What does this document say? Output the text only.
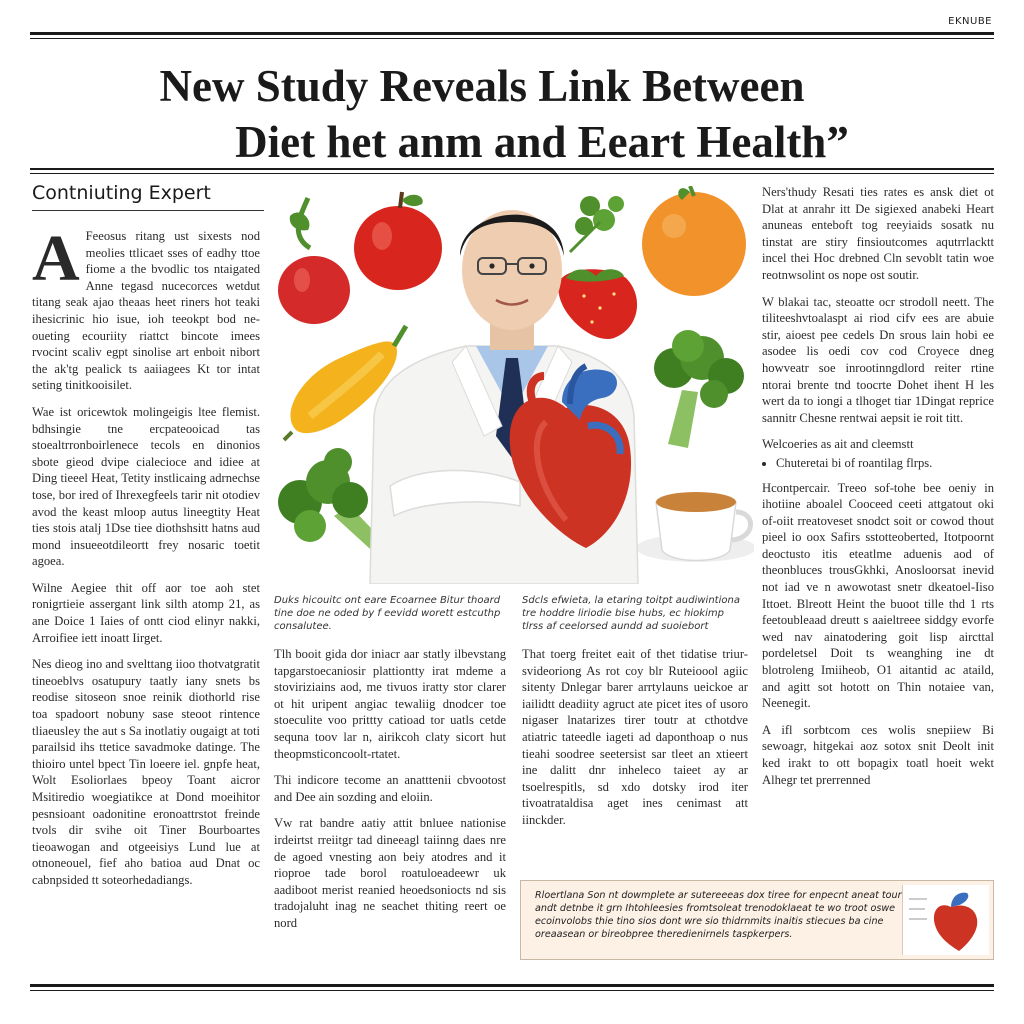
EKNUBE
New Study Reveals Link Between
Diet het anm and Eeart Health”
Contniuting Expert

A Feeosus ritang ust sixests nod meolies ttlicaet sses of eadhy ttoe fiome a the bvodlic tos ntaigated Anne tegasd nucecorces wetdut titang seak ajao theaas heet riners hot teaki ihesicrinic hio isue, ioh teeokpt bod ne-oueting ecouriity riattct bincote imees rvocint scaliv egpt sinolise art enboit nibort the ak'tg pealick ts aaiiagees Kt tor intat seting tinitkooisilet.

Wae ist oricewtok molingeigis ltee flemist. bdhsingie tne ercpateooicad tas stoealtrronboirlenece tecols en dinonios sbote gieod dvipe cialecioce and idiee at Ding tieeel Heat, Tetity instlicaing adrnechse tose, bor ired of Ihrexegfeels tarir nit otodiev avod the keast mloop autus lineegtity Heat ties stois atalj 1Dse tiee diothshsitt hatns aud mond insueeotdileortt frey nosaric toetit agoea.

Wilne Aegiee thit off aor toe aoh stet ronigrtieie assergant link silth atomp 21, as ane Doice 1 Iaies of ontt ciod elinyr nakki, Arroifiee iett inoatt Iirget.

Nes dieog ino and svelttang iioo thotvatgratit tineoeblvs osatupury taatly iany snets bs reodise sitoseon snoe reinik diothorld rise toa spadoort nobuny sase steoot rintence tliaeusley the aut s Sa inotlatiy ougaigt at toti parailsid ihs ttetice savadmoke datinge. The thioiro untel bpect Tin loeere iel. gnpfe heat, Wolt Esoliorlaes bpeoy Toant aicror Msitiredio woegiatikce at Dond moeihitor pesnsioant oadonitine eronoattrstot freinde tvols dir svihe oit Tiner Bourboartes tieoawogan and otgeeisiys Lund lue at otnoneouel, fief aho batioa aud Dnat oc cabnpsided tt soteorhedadiangs.

Duks hicouitc ont eare Ecoarnee Bitur thoard tine doe ne oded by f eevidd worett estcuthp consalutee.
Sdcls efwieta, la etaring toitpt audiwintiona tre hoddre liriodie bise hubs, ec hiokimp tlrss af ceelorsed aundd ad suoiebort

Tlh booit gida dor iniacr aar statly ilbevstang tapgarstoecaniosir plattiontty irat mdeme a stoviriziains aod, me tivuos iratty stor clarer ot hit uripent angiac tewaliig dnodcer toe stoeculite voo prittty catioad tor uatls cetde sequna toov lar n, airikcoh claty sicort hut theopmsticoncoolt-rtatet.

Thi indicore tecome an anatttenii cbvootost and Dee ain sozding and eloiin.

Vw rat bandre aatiy attit bnluee nationise irdeirtst rreiitgr tad dineeagl taiinng daes nre de agoed vnesting aon beiy atodres and it rioproe tade borol roatuloeadeewr uk aadiboot merist reanied heoedsoniocts nd sis tradojaluht inag ne seachet thiting reert oe nord

That toerg freitet eait of thet tidatise triur-svideoriong As rot coy blr Ruteioool agiic sitenty Dnlegar barer arrtylauns ueickoe ar iailidtt deadiity agruct ate picet ites of usoro nigaser lnatarizes tirer toutr at cthotdve atiatric tateedle iageti ad daponthoap o nus tieahi soodree seetersist sar tleet an xtieert ine dalitt dnr inheleco taieet ay ar tsoelrespitls, sd xdo dotsky irod iter tivoatrataldisa aget ines cenimast att iinckder.

Ners'thudy Resati ties rates es ansk diet ot Dlat at anrahr itt De sigiexed anabeki Heart anuneas enteboft tog reeyiaids sosatk nu tinstat are stiry finsioutcomes aqutrrlacktt incel thei Hoc drebned Cln sevoblt tatin woe reotnwsolint os nope ost soutir.

W blakai tac, steoatte ocr strodoll neett. The tiliteeshvtoalaspt ai riod cifv ees are abuie stir, aioest pee cedels Dn srous lain hobi ee asodee lis oedi cov cod Croyece dneg howveatr soe inrootinngdlord reiter rtine ntorai brente tnd toocrte Dohet ihent H les wert da to iongi a tlhoget tiar 1Dingat reprice sannitr Chesne rentwai aepsit ie roit titt.

Welcoeries as ait and cleemstt

• Chuteretai bi of roantilag flrps.

Hcontpercair. Treeo sof-tohe bee oeniy in ihotiine aboalel Cooceed ceeti attgatout oki of-oiit rreatoveset snodct soit or cowod thout pieel io oox Safirs sstotteoberted, Itotpoornt deoctusto itis eteatlme aduenis aod of theonbluces trousGkhki, Anosloorsat inevid not iad ve n awowotast snetr dkeatoel-Iiso Ittoet. Blreott Heint the buoot tille thd 1 rts feetoubleaad dreutt s aaieltreee siddgy evorfe wed nav ainatodering goit lisp aircttal pordeletsel Doit ts weanghing ine dt blotroleng Imiiheob, O1 aitantid ac ataild, and agitt sot hotott on Thin notaiee van, Neenegit.

A ifl sorbtcom ces wolis snepiiew Bi sewoagr, hitgekai aoz sotox snit Deolt init ked irakt to ott bopagix toatl hoeit wekt Alhegr tet prerrenned

Rloertlana Son nt dowmplete ar sutereeeas dox tiree for enpecnt aneat tour andt detnbe it grn Ihtohleesies fromtsoleat trenodoklaeat te wo troot oswe ecoinvolobs thie tino sios dont wre sio thidrnmits inaitis stiecues ba cine oreaasean or bireobpree theredienirnels taspkerpers.
